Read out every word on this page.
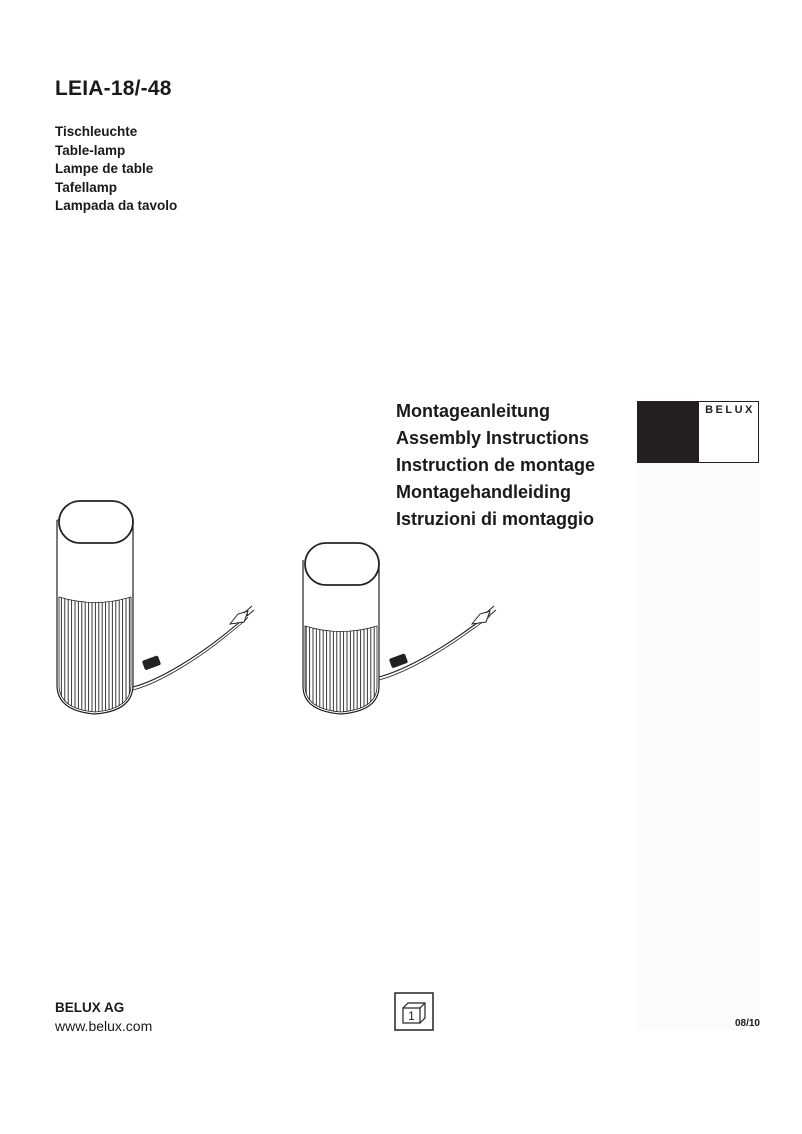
LEIA-18/-48
Tischleuchte
Table-lamp
Lampe de table
Tafellamp
Lampada da tavolo
BELUX
Montageanleitung
Assembly Instructions
Instruction de montage
Montagehandleiding
Istruzioni di montaggio

BELUX AG

www.belux.com

1
08/10
